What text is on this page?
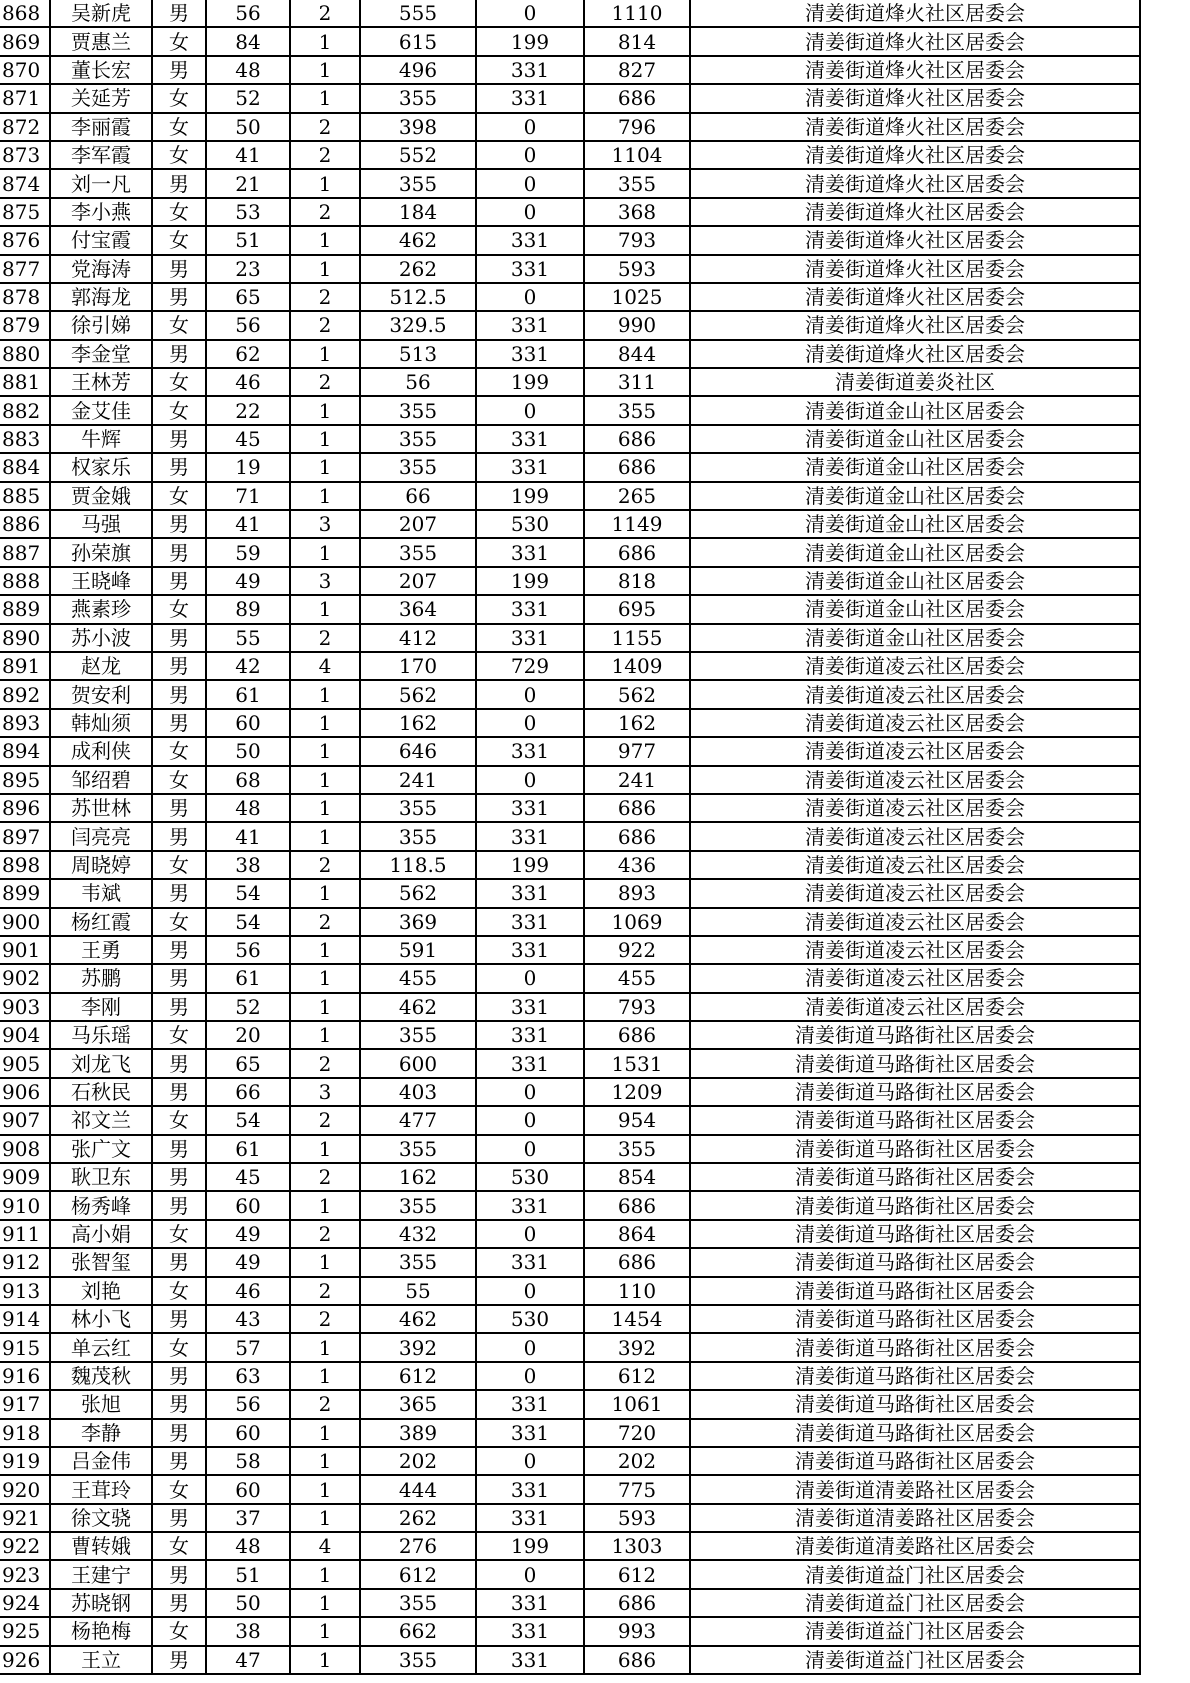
868	吴新虎	男	56	2	555	0	1110	清姜街道烽火社区居委会
869	贾惠兰	女	84	1	615	199	814	清姜街道烽火社区居委会
870	董长宏	男	48	1	496	331	827	清姜街道烽火社区居委会
871	关延芳	女	52	1	355	331	686	清姜街道烽火社区居委会
872	李丽霞	女	50	2	398	0	796	清姜街道烽火社区居委会
873	李军霞	女	41	2	552	0	1104	清姜街道烽火社区居委会
874	刘一凡	男	21	1	355	0	355	清姜街道烽火社区居委会
875	李小燕	女	53	2	184	0	368	清姜街道烽火社区居委会
876	付宝霞	女	51	1	462	331	793	清姜街道烽火社区居委会
877	党海涛	男	23	1	262	331	593	清姜街道烽火社区居委会
878	郭海龙	男	65	2	512.5	0	1025	清姜街道烽火社区居委会
879	徐引娣	女	56	2	329.5	331	990	清姜街道烽火社区居委会
880	李金堂	男	62	1	513	331	844	清姜街道烽火社区居委会
881	王林芳	女	46	2	56	199	311	清姜街道姜炎社区
882	金艾佳	女	22	1	355	0	355	清姜街道金山社区居委会
883	牛辉	男	45	1	355	331	686	清姜街道金山社区居委会
884	权家乐	男	19	1	355	331	686	清姜街道金山社区居委会
885	贾金娥	女	71	1	66	199	265	清姜街道金山社区居委会
886	马强	男	41	3	207	530	1149	清姜街道金山社区居委会
887	孙荣旗	男	59	1	355	331	686	清姜街道金山社区居委会
888	王晓峰	男	49	3	207	199	818	清姜街道金山社区居委会
889	燕素珍	女	89	1	364	331	695	清姜街道金山社区居委会
890	苏小波	男	55	2	412	331	1155	清姜街道金山社区居委会
891	赵龙	男	42	4	170	729	1409	清姜街道凌云社区居委会
892	贺安利	男	61	1	562	0	562	清姜街道凌云社区居委会
893	韩灿须	男	60	1	162	0	162	清姜街道凌云社区居委会
894	成利侠	女	50	1	646	331	977	清姜街道凌云社区居委会
895	邹绍碧	女	68	1	241	0	241	清姜街道凌云社区居委会
896	苏世林	男	48	1	355	331	686	清姜街道凌云社区居委会
897	闫亮亮	男	41	1	355	331	686	清姜街道凌云社区居委会
898	周晓婷	女	38	2	118.5	199	436	清姜街道凌云社区居委会
899	韦斌	男	54	1	562	331	893	清姜街道凌云社区居委会
900	杨红霞	女	54	2	369	331	1069	清姜街道凌云社区居委会
901	王勇	男	56	1	591	331	922	清姜街道凌云社区居委会
902	苏鹏	男	61	1	455	0	455	清姜街道凌云社区居委会
903	李刚	男	52	1	462	331	793	清姜街道凌云社区居委会
904	马乐瑶	女	20	1	355	331	686	清姜街道马路街社区居委会
905	刘龙飞	男	65	2	600	331	1531	清姜街道马路街社区居委会
906	石秋民	男	66	3	403	0	1209	清姜街道马路街社区居委会
907	祁文兰	女	54	2	477	0	954	清姜街道马路街社区居委会
908	张广文	男	61	1	355	0	355	清姜街道马路街社区居委会
909	耿卫东	男	45	2	162	530	854	清姜街道马路街社区居委会
910	杨秀峰	男	60	1	355	331	686	清姜街道马路街社区居委会
911	高小娟	女	49	2	432	0	864	清姜街道马路街社区居委会
912	张智玺	男	49	1	355	331	686	清姜街道马路街社区居委会
913	刘艳	女	46	2	55	0	110	清姜街道马路街社区居委会
914	林小飞	男	43	2	462	530	1454	清姜街道马路街社区居委会
915	单云红	女	57	1	392	0	392	清姜街道马路街社区居委会
916	魏茂秋	男	63	1	612	0	612	清姜街道马路街社区居委会
917	张旭	男	56	2	365	331	1061	清姜街道马路街社区居委会
918	李静	男	60	1	389	331	720	清姜街道马路街社区居委会
919	吕金伟	男	58	1	202	0	202	清姜街道马路街社区居委会
920	王茸玲	女	60	1	444	331	775	清姜街道清姜路社区居委会
921	徐文骁	男	37	1	262	331	593	清姜街道清姜路社区居委会
922	曹转娥	女	48	4	276	199	1303	清姜街道清姜路社区居委会
923	王建宁	男	51	1	612	0	612	清姜街道益门社区居委会
924	苏晓钢	男	50	1	355	331	686	清姜街道益门社区居委会
925	杨艳梅	女	38	1	662	331	993	清姜街道益门社区居委会
926	王立	男	47	1	355	331	686	清姜街道益门社区居委会
